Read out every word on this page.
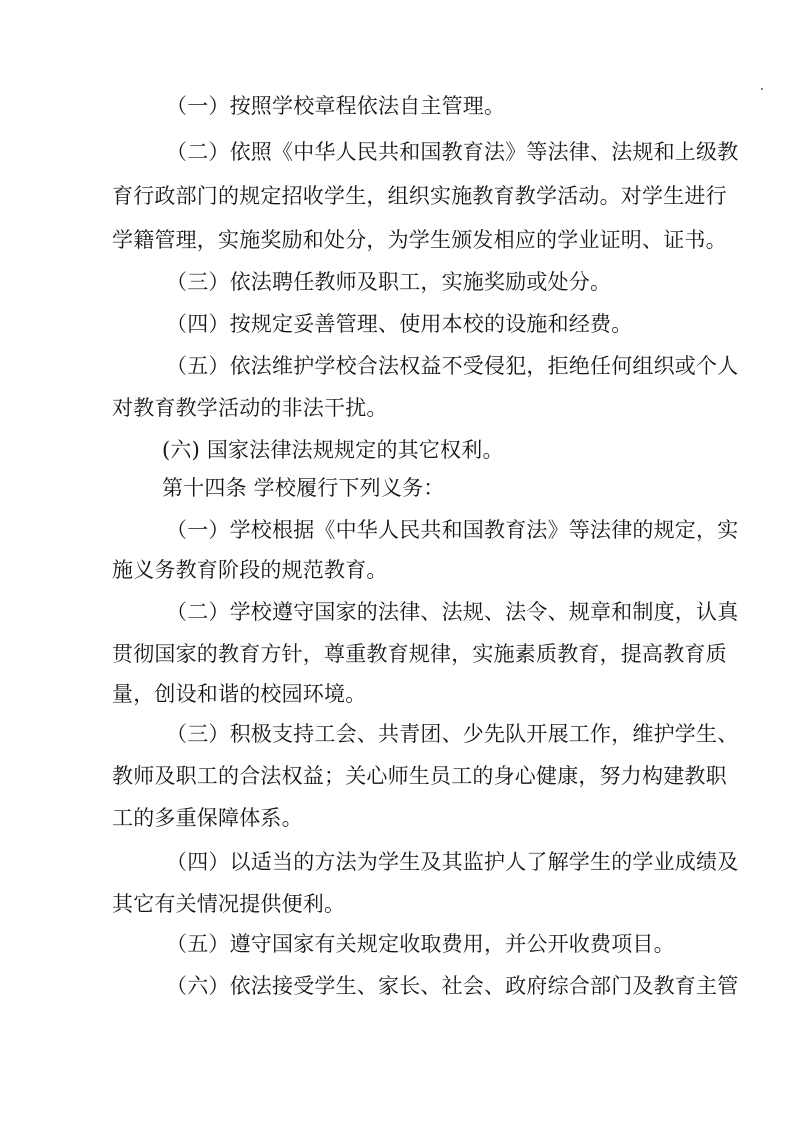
（一）按照学校章程依法自主管理。
（二）依照《中华人民共和国教育法》等法律、法规和上级教
育行政部门的规定招收学生，组织实施教育教学活动。对学生进行
学籍管理，实施奖励和处分，为学生颁发相应的学业证明、证书。
（三）依法聘任教师及职工，实施奖励或处分。
（四）按规定妥善管理、使用本校的设施和经费。
（五）依法维护学校合法权益不受侵犯，拒绝任何组织或个人
对教育教学活动的非法干扰。
(六) 国家法律法规规定的其它权利。
第十四条 学校履行下列义务：
（一）学校根据《中华人民共和国教育法》等法律的规定，实
施义务教育阶段的规范教育。
（二）学校遵守国家的法律、法规、法令、规章和制度，认真
贯彻国家的教育方针，尊重教育规律，实施素质教育，提高教育质
量，创设和谐的校园环境。
（三）积极支持工会、共青团、少先队开展工作，维护学生、
教师及职工的合法权益；关心师生员工的身心健康，努力构建教职
工的多重保障体系。
（四）以适当的方法为学生及其监护人了解学生的学业成绩及
其它有关情况提供便利。
（五）遵守国家有关规定收取费用，并公开收费项目。
（六）依法接受学生、家长、社会、政府综合部门及教育主管
